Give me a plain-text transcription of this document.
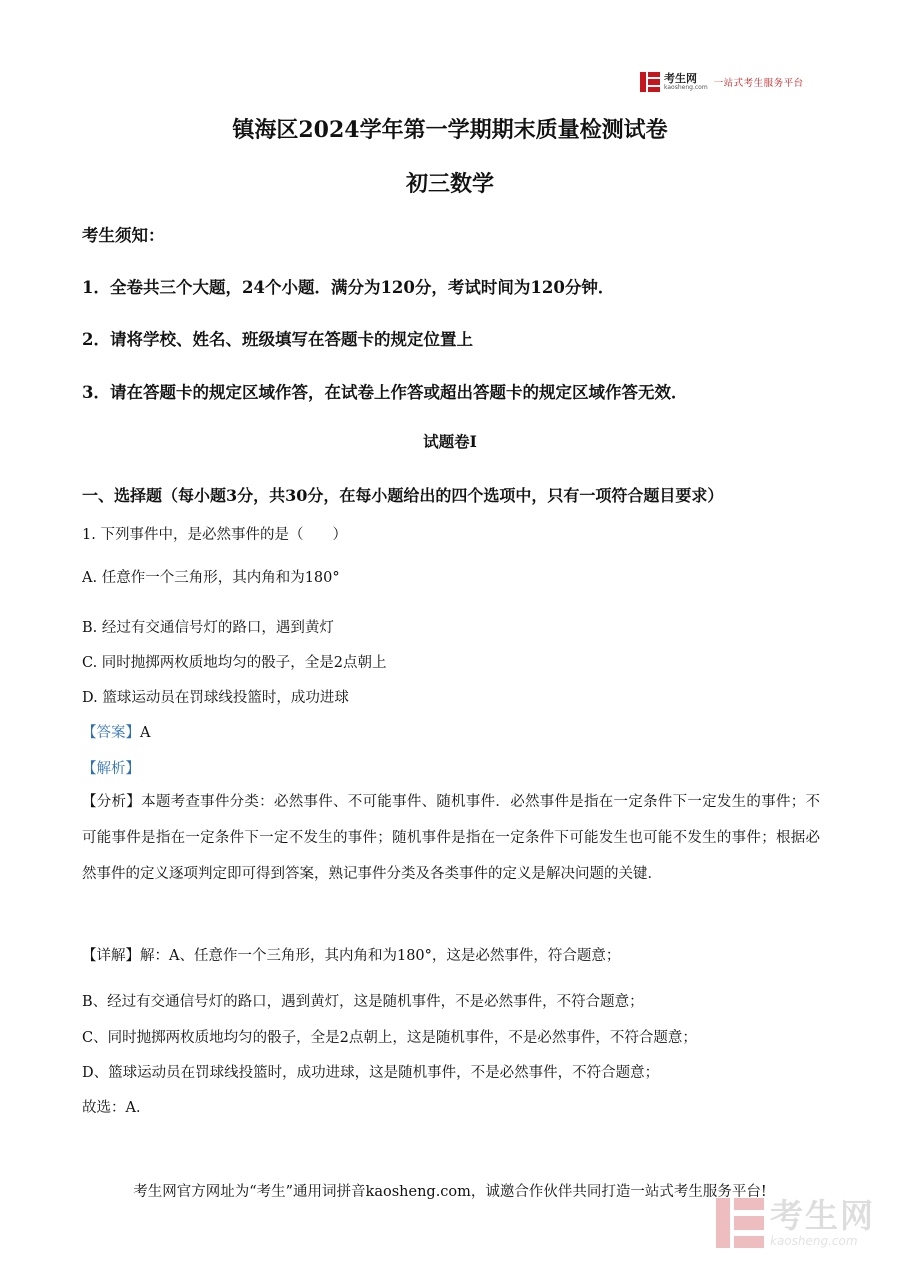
考生网
kaosheng.com 一站式考生服务平台
镇海区2024学年第一学期期末质量检测试卷
初三数学
考生须知：
1．全卷共三个大题，24个小题．满分为120分，考试时间为120分钟．
2．请将学校、姓名、班级填写在答题卡的规定位置上
3．请在答题卡的规定区域作答，在试卷上作答或超出答题卡的规定区域作答无效．
试题卷I
一、选择题（每小题3分，共30分，在每小题给出的四个选项中，只有一项符合题目要求）
1. 下列事件中，是必然事件的是（　　）
A. 任意作一个三角形，其内角和为180°
B. 经过有交通信号灯的路口，遇到黄灯
C. 同时抛掷两枚质地均匀的骰子，全是2点朝上
D. 篮球运动员在罚球线投篮时，成功进球
【答案】A
【解析】
【分析】本题考查事件分类：必然事件、不可能事件、随机事件．必然事件是指在一定条件下一定发生的事件；不可能事件是指在一定条件下一定不发生的事件；随机事件是指在一定条件下可能发生也可能不发生的事件；根据必然事件的定义逐项判定即可得到答案，熟记事件分类及各类事件的定义是解决问题的关键．
【详解】解：A、任意作一个三角形，其内角和为180°，这是必然事件，符合题意；
B、经过有交通信号灯的路口，遇到黄灯，这是随机事件，不是必然事件，不符合题意；
C、同时抛掷两枚质地均匀的骰子，全是2点朝上，这是随机事件，不是必然事件，不符合题意；
D、篮球运动员在罚球线投篮时，成功进球，这是随机事件，不是必然事件，不符合题意；
故选：A．
考生网官方网址为“考生”通用词拼音kaosheng.com，诚邀合作伙伴共同打造一站式考生服务平台!
考生网
kaosheng.com
